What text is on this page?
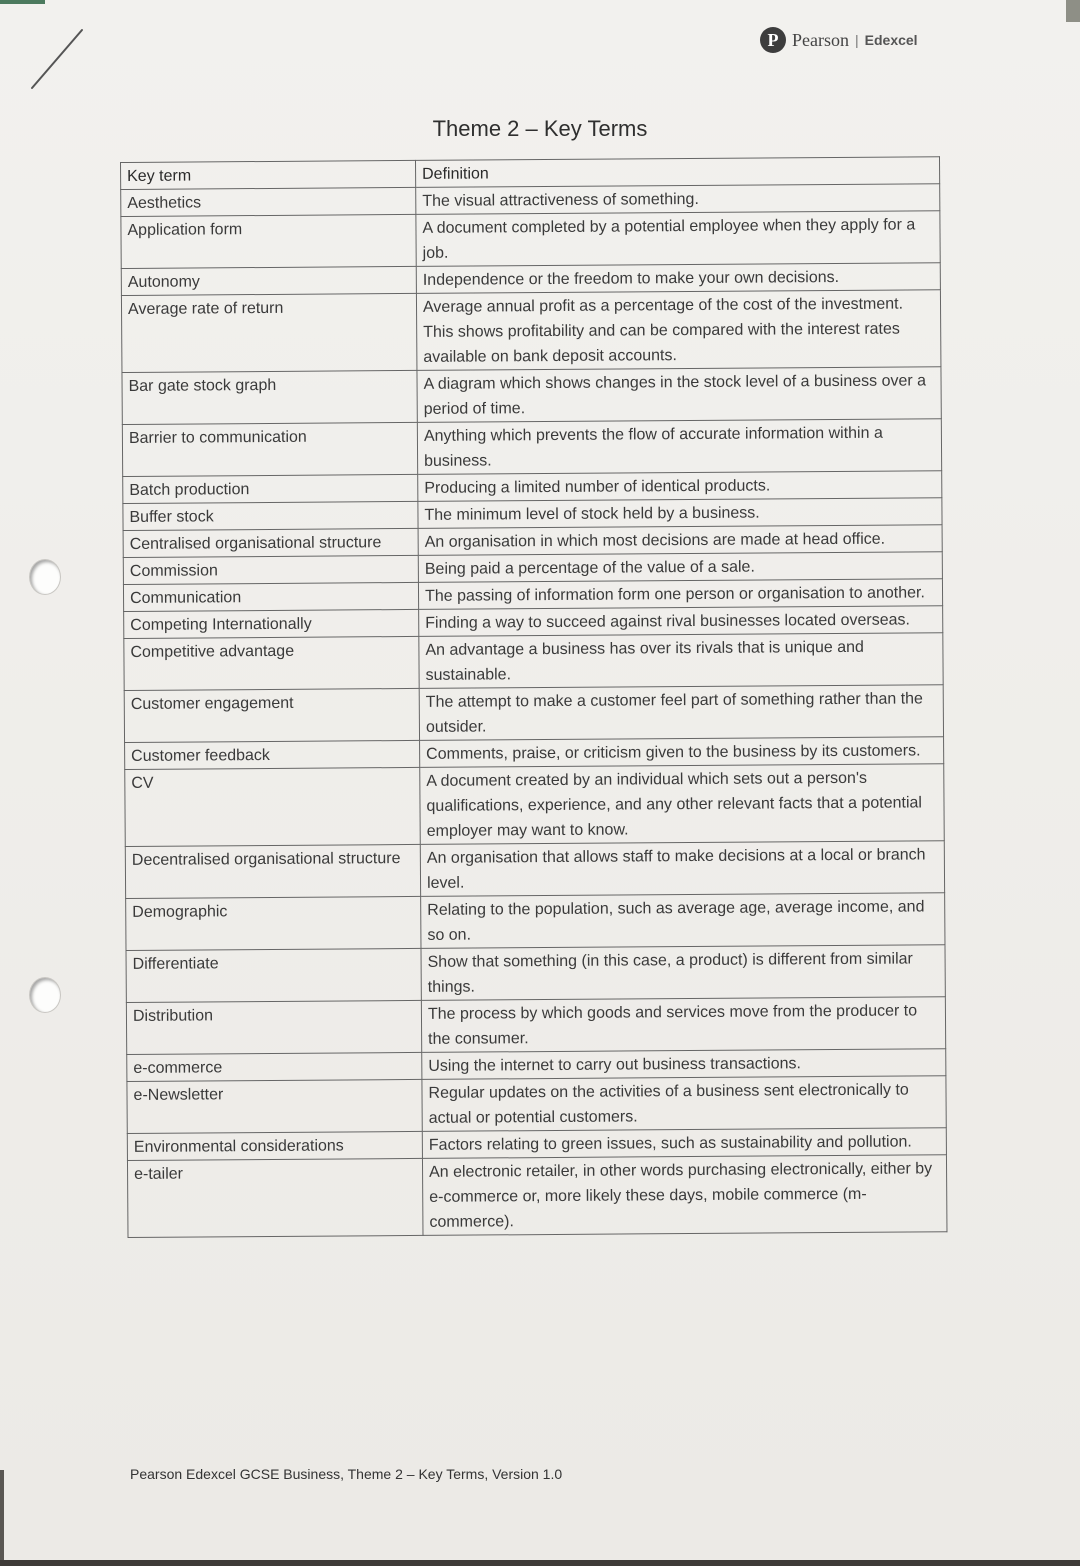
P Pearson | Edexcel
Theme 2 – Key Terms
Key term	Definition
Aesthetics	The visual attractiveness of something.
Application form	A document completed by a potential employee when they apply for a job.
Autonomy	Independence or the freedom to make your own decisions.
Average rate of return	Average annual profit as a percentage of the cost of the investment. This shows profitability and can be compared with the interest rates available on bank deposit accounts.
Bar gate stock graph	A diagram which shows changes in the stock level of a business over a period of time.
Barrier to communication	Anything which prevents the flow of accurate information within a business.
Batch production	Producing a limited number of identical products.
Buffer stock	The minimum level of stock held by a business.
Centralised organisational structure	An organisation in which most decisions are made at head office.
Commission	Being paid a percentage of the value of a sale.
Communication	The passing of information form one person or organisation to another.
Competing Internationally	Finding a way to succeed against rival businesses located overseas.
Competitive advantage	An advantage a business has over its rivals that is unique and sustainable.
Customer engagement	The attempt to make a customer feel part of something rather than the outsider.
Customer feedback	Comments, praise, or criticism given to the business by its customers.
CV	A document created by an individual which sets out a person's qualifications, experience, and any other relevant facts that a potential employer may want to know.
Decentralised organisational structure	An organisation that allows staff to make decisions at a local or branch level.
Demographic	Relating to the population, such as average age, average income, and so on.
Differentiate	Show that something (in this case, a product) is different from similar things.
Distribution	The process by which goods and services move from the producer to the consumer.
e-commerce	Using the internet to carry out business transactions.
e-Newsletter	Regular updates on the activities of a business sent electronically to actual or potential customers.
Environmental considerations	Factors relating to green issues, such as sustainability and pollution.
e-tailer	An electronic retailer, in other words purchasing electronically, either by e-commerce or, more likely these days, mobile commerce (m-commerce).
Pearson Edexcel GCSE Business, Theme 2 – Key Terms, Version 1.0
